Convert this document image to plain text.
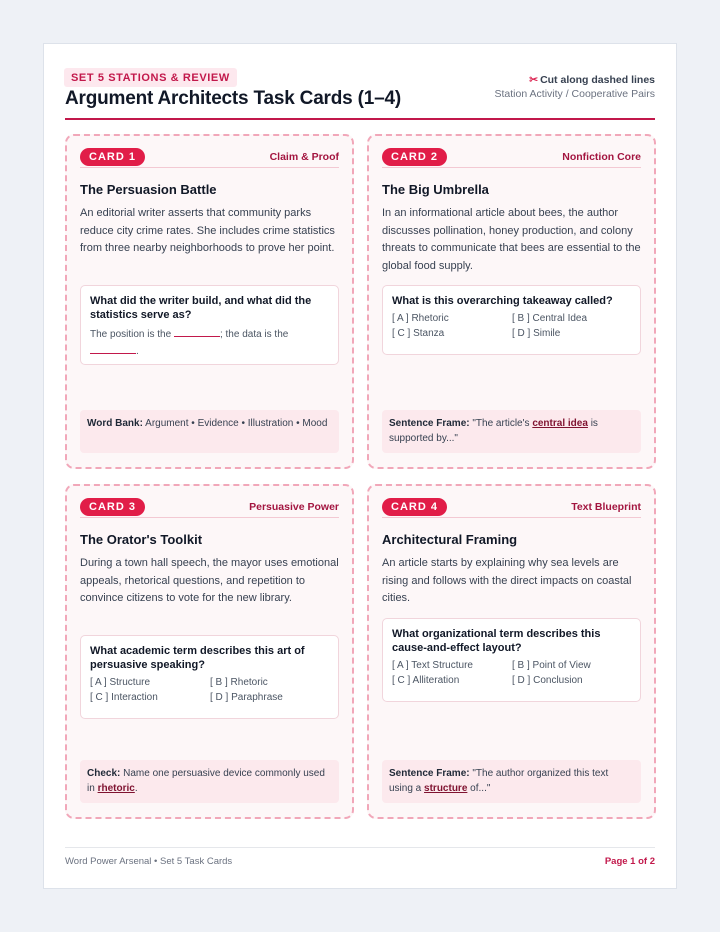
SET 5 STATIONS & REVIEW
Argument Architects Task Cards (1–4)
✂ Cut along dashed lines
Station Activity / Cooperative Pairs
CARD 1	Claim & Proof
The Persuasion Battle
An editorial writer asserts that community parks reduce city crime rates. She includes crime statistics from three nearby neighborhoods to prove her point.
What did the writer build, and what did the statistics serve as?
The position is the	; the data is the .
Word Bank: Argument • Evidence • Illustration • Mood
CARD 2	Nonfiction Core
The Big Umbrella
In an informational article about bees, the author discusses pollination, honey production, and colony threats to communicate that bees are essential to the global food supply.
What is this overarching takeaway called?
[ A ] Rhetoric	[ B ] Central Idea
[ C ] Stanza	[ D ] Simile
Sentence Frame: "The article's central idea is supported by..."
CARD 3	Persuasive Power
The Orator's Toolkit
During a town hall speech, the mayor uses emotional appeals, rhetorical questions, and repetition to convince citizens to vote for the new library.
What academic term describes this art of persuasive speaking?
[ A ] Structure	[ B ] Rhetoric
[ C ] Interaction	[ D ] Paraphrase
Check: Name one persuasive device commonly used in rhetoric.
CARD 4	Text Blueprint
Architectural Framing
An article starts by explaining why sea levels are rising and follows with the direct impacts on coastal cities.
What organizational term describes this cause-and-effect layout?
[ A ] Text Structure	[ B ] Point of View
[ C ] Alliteration	[ D ] Conclusion
Sentence Frame: "The author organized this text using a structure of..."
Word Power Arsenal • Set 5 Task Cards	Page 1 of 2
